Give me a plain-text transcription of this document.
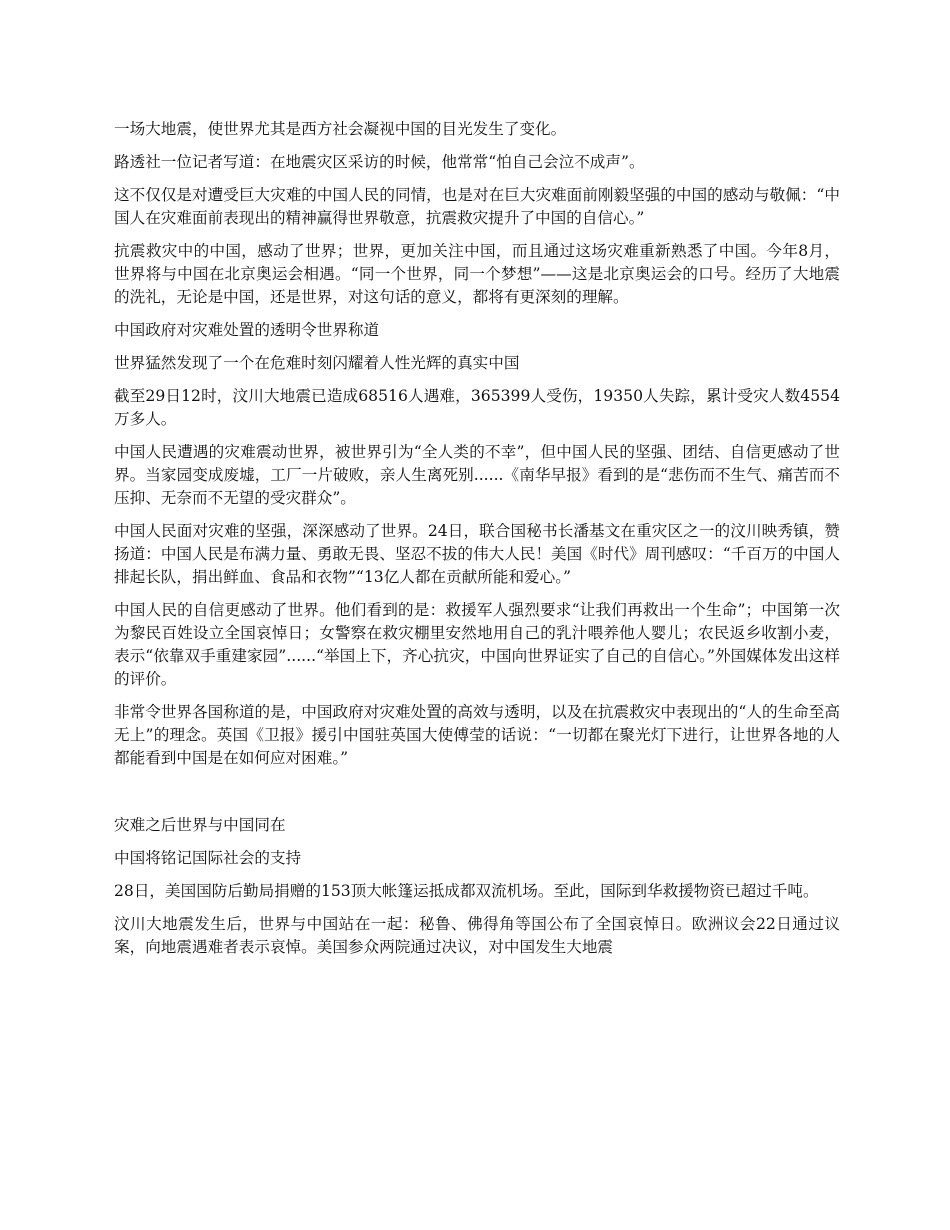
一场大地震，使世界尤其是西方社会凝视中国的目光发生了变化。

路透社一位记者写道：在地震灾区采访的时候，他常常“怕自己会泣不成声”。

这不仅仅是对遭受巨大灾难的中国人民的同情，也是对在巨大灾难面前刚毅坚强的中国的感动与敬佩：“中国人在灾难面前表现出的精神赢得世界敬意，抗震救灾提升了中国的自信心。”

抗震救灾中的中国，感动了世界；世界，更加关注中国，而且通过这场灾难重新熟悉了中国。今年8月，世界将与中国在北京奥运会相遇。“同一个世界，同一个梦想”——这是北京奥运会的口号。经历了大地震的洗礼，无论是中国，还是世界，对这句话的意义，都将有更深刻的理解。

中国政府对灾难处置的透明令世界称道

世界猛然发现了一个在危难时刻闪耀着人性光辉的真实中国

截至29日12时，汶川大地震已造成68516人遇难，365399人受伤，19350人失踪，累计受灾人数4554万多人。

中国人民遭遇的灾难震动世界，被世界引为“全人类的不幸”，但中国人民的坚强、团结、自信更感动了世界。当家园变成废墟，工厂一片破败，亲人生离死别......《南华早报》看到的是“悲伤而不生气、痛苦而不压抑、无奈而不无望的受灾群众”。

中国人民面对灾难的坚强，深深感动了世界。24日，联合国秘书长潘基文在重灾区之一的汶川映秀镇，赞扬道：中国人民是布满力量、勇敢无畏、坚忍不拔的伟大人民！美国《时代》周刊感叹：“千百万的中国人排起长队，捐出鲜血、食品和衣物”“13亿人都在贡献所能和爱心。”

中国人民的自信更感动了世界。他们看到的是：救援军人强烈要求“让我们再救出一个生命”；中国第一次为黎民百姓设立全国哀悼日；女警察在救灾棚里安然地用自己的乳汁喂养他人婴儿；农民返乡收割小麦，表示“依靠双手重建家园”......“举国上下，齐心抗灾，中国向世界证实了自己的自信心。”外国媒体发出这样的评价。

非常令世界各国称道的是，中国政府对灾难处置的高效与透明，以及在抗震救灾中表现出的“人的生命至高无上”的理念。英国《卫报》援引中国驻英国大使傅莹的话说：“一切都在聚光灯下进行，让世界各地的人都能看到中国是在如何应对困难。”

灾难之后世界与中国同在

中国将铭记国际社会的支持

28日，美国国防后勤局捐赠的153顶大帐篷运抵成都双流机场。至此，国际到华救援物资已超过千吨。

汶川大地震发生后，世界与中国站在一起：秘鲁、佛得角等国公布了全国哀悼日。欧洲议会22日通过议案，向地震遇难者表示哀悼。美国参众两院通过决议，对中国发生大地震
